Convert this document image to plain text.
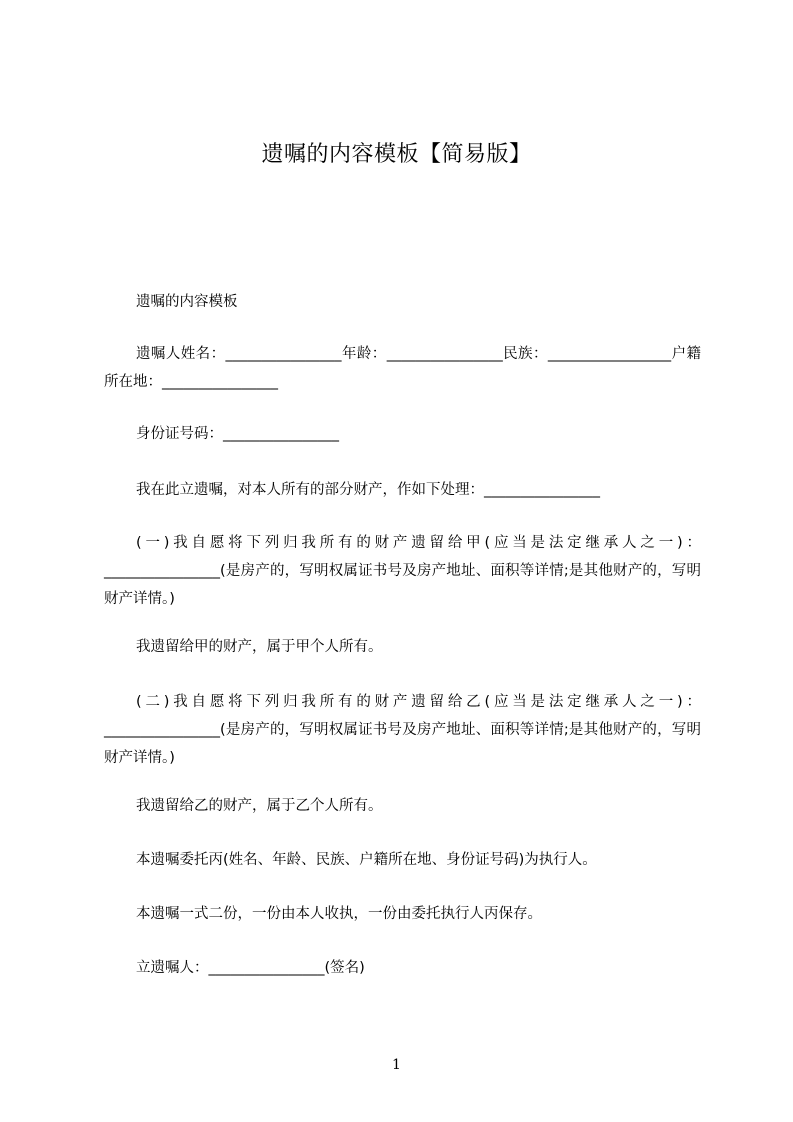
遗嘱的内容模板【简易版】
遗嘱的内容模板
遗嘱人姓名：________________年龄：________________民族：_________________户籍所在地：________________
身份证号码：________________
我在此立遗嘱，对本人所有的部分财产，作如下处理：________________
(一)我自愿将下列归我所有的财产遗留给甲(应当是法定继承人之一)：________________(是房产的，写明权属证书号及房产地址、面积等详情;是其他财产的，写明财产详情。)
我遗留给甲的财产，属于甲个人所有。
(二)我自愿将下列归我所有的财产遗留给乙(应当是法定继承人之一)：________________(是房产的，写明权属证书号及房产地址、面积等详情;是其他财产的，写明财产详情。)
我遗留给乙的财产，属于乙个人所有。
本遗嘱委托丙(姓名、年龄、民族、户籍所在地、身份证号码)为执行人。
本遗嘱一式二份，一份由本人收执，一份由委托执行人丙保存。
立遗嘱人：________________(签名)
1
